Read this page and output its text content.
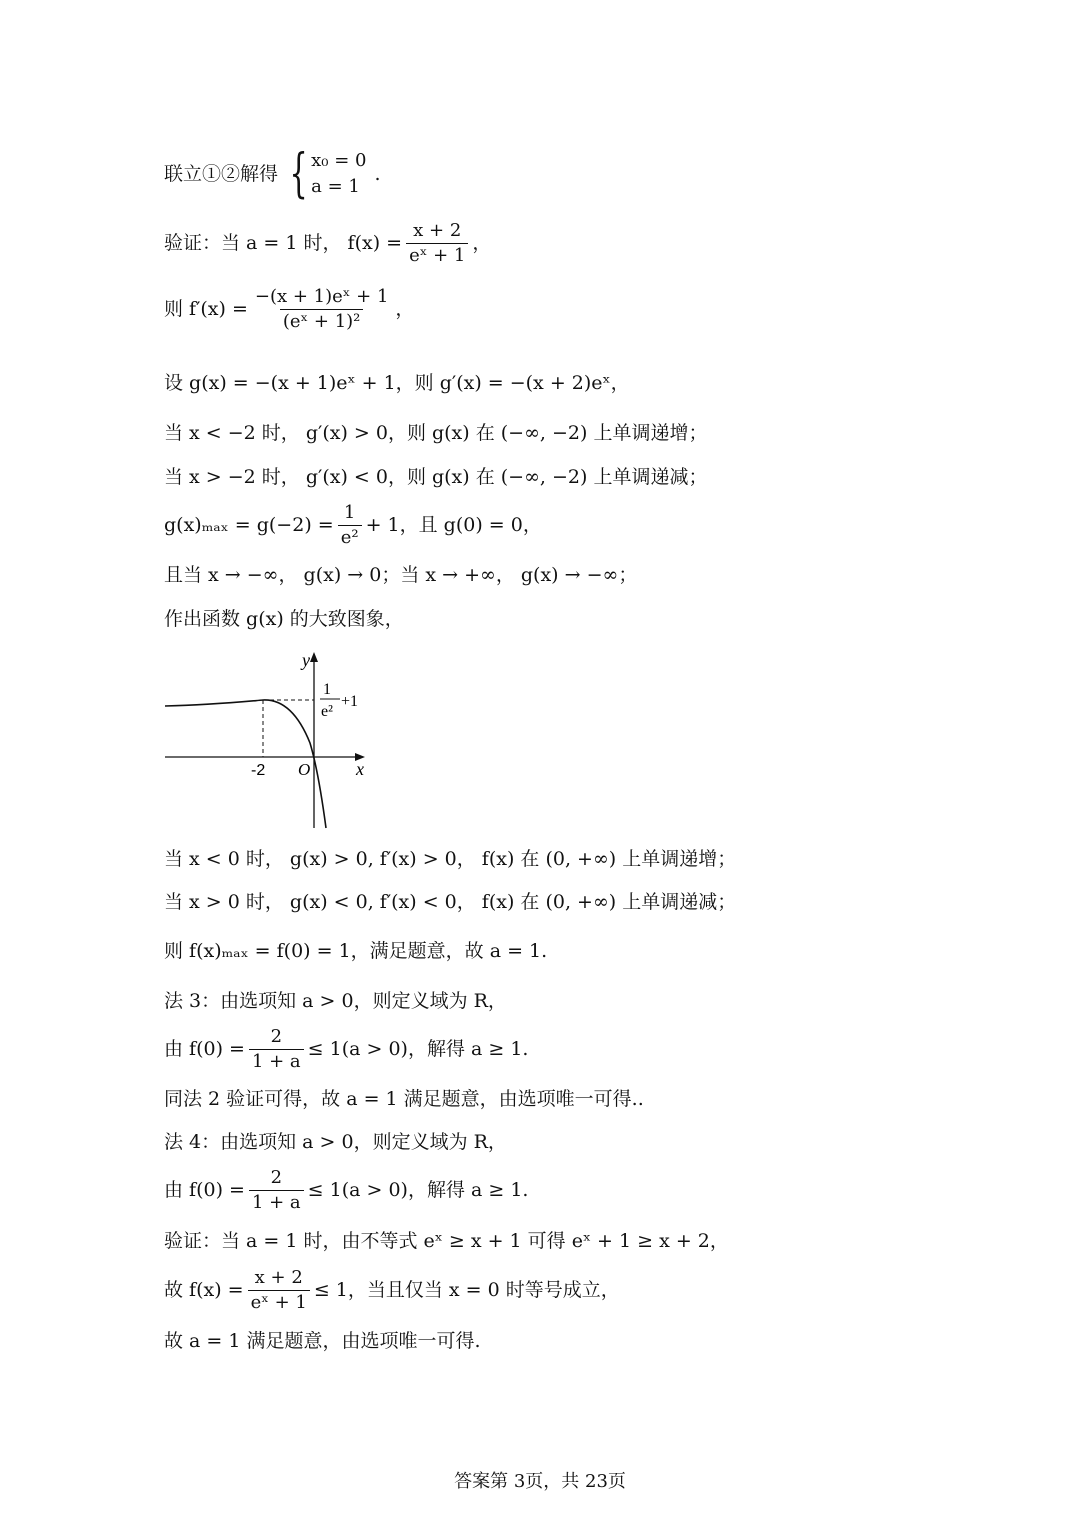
联立①②解得 { x₀ = 0
a = 1
.
验证：当 a = 1 时， $f(x) = \frac{x + 2}{\text{eˣ + 1}}$ ，
则 $f'(x) = \frac{\text{−(x + 1)eˣ + 1}}{\text{(eˣ + 1)²}}$ ，
设 g(x) = −(x + 1)eˣ + 1，则 g′(x) = −(x + 2)eˣ，
当 x < −2 时， g′(x) > 0，则 g(x) 在 (−∞, −2) 上单调递增；
当 x > −2 时， g′(x) < 0，则 g(x) 在 (−∞, −2) 上单调递减；
$g(x)_{max} = g(-2) = \frac{1}{\text{e²}} + 1$，且 g(0) = 0，
且当 x → −∞， g(x) → 0；当 x → +∞， g(x) → −∞；
作出函数 g(x) 的大致图象，
y
x
O
-2
1
e²
+1
当 x < 0 时， g(x) > 0, f′(x) > 0， f(x) 在 (0, +∞) 上单调递增；
当 x > 0 时， g(x) < 0, f′(x) < 0， f(x) 在 (0, +∞) 上单调递减；
则 f(x)ₘₐₓ = f(0) = 1，满足题意，故 a = 1.
法 3：由选项知 a > 0，则定义域为 R，
由 $f(0) = \frac{2}{1 + a} \le 1(a > 0)$，解得 a ≥ 1.
同法 2 验证可得，故 a = 1 满足题意，由选项唯一可得..
法 4：由选项知 a > 0，则定义域为 R，
由 $f(0) = \frac{2}{1 + a} \le 1(a > 0)$，解得 a ≥ 1.
验证：当 a = 1 时，由不等式 eˣ ≥ x + 1 可得 eˣ + 1 ≥ x + 2，
故 $f(x) = \frac{x + 2}{\text{eˣ + 1}} \le 1$，当且仅当 x = 0 时等号成立，
故 a = 1 满足题意，由选项唯一可得.
答案第 3页，共 23页
